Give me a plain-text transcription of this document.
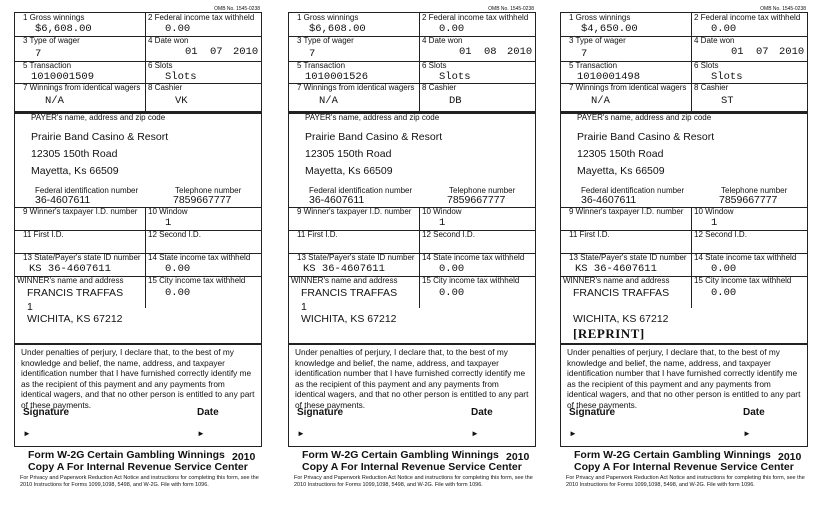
OMB No. 1545-0238
1 Gross winnings
$6,608.00
2 Federal income tax withheld
0.00
3 Type of wager
7
4 Date won
01 07 2010
5 Transaction
1010001509
6 Slots
Slots
7 Winnings from identical wagers
N/A
8 Cashier
VK
PAYER's name, address and zip code
Prairie Band Casino & Resort
12305 150th Road
Mayetta, Ks 66509
Federal identification number
36-4607611
Telephone number
7859667777
9 Winner's taxpayer I.D. number 10 Window
1
11 First I.D.	12 Second I.D.
13 State/Payer's state ID number
KS 36-4607611
14 State income tax withheld
0.00
WINNER's name and address	15 City income tax withheld
0.00
FRANCIS TRAFFAS
1
WICHITA, KS 67212
Under penalties of perjury, I declare that, to the best of my knowledge and belief, the name, address, and taxpayer identification number that I have furnished correctly identify me as the recipient of this payment and any payments from identical wagers, and that no other person is entitled to any part of these payments.
Signature	Date
►	►
Form W-2G Certain Gambling Winnings 2010
Copy A For Internal Revenue Service Center
For Privacy and Paperwork Reduction Act Notice and instructions for completing this form, see the 2010 Instructions for Forms 1099,1098, 5498, and W-2G. File with form 1096.
OMB No. 1545-0238
1 Gross winnings
$6,608.00
2 Federal income tax withheld
0.00
3 Type of wager
7
4 Date won
01 08 2010
5 Transaction
1010001526
6 Slots
Slots
7 Winnings from identical wagers
N/A
8 Cashier
DB
PAYER's name, address and zip code
Prairie Band Casino & Resort
12305 150th Road
Mayetta, Ks 66509
Federal identification number
36-4607611
Telephone number
7859667777
9 Winner's taxpayer I.D. number 10 Window
1
11 First I.D.	12 Second I.D.
13 State/Payer's state ID number
KS 36-4607611
14 State income tax withheld
0.00
WINNER's name and address	15 City income tax withheld
0.00
FRANCIS TRAFFAS
1
WICHITA, KS 67212
Under penalties of perjury, I declare that, to the best of my knowledge and belief, the name, address, and taxpayer identification number that I have furnished correctly identify me as the recipient of this payment and any payments from identical wagers, and that no other person is entitled to any part of these payments.
Signature	Date
►	►
Form W-2G Certain Gambling Winnings 2010
Copy A For Internal Revenue Service Center
For Privacy and Paperwork Reduction Act Notice and instructions for completing this form, see the 2010 Instructions for Forms 1099,1098, 5498, and W-2G. File with form 1096.
OMB No. 1545-0238
1 Gross winnings
$4,650.00
2 Federal income tax withheld
0.00
3 Type of wager
7
4 Date won
01 07 2010
5 Transaction
1010001498
6 Slots
Slots
7 Winnings from identical wagers
N/A
8 Cashier
ST
PAYER's name, address and zip code
Prairie Band Casino & Resort
12305 150th Road
Mayetta, Ks 66509
Federal identification number
36-4607611
Telephone number
7859667777
9 Winner's taxpayer I.D. number 10 Window
1
11 First I.D.	12 Second I.D.
13 State/Payer's state ID number
KS 36-4607611
14 State income tax withheld
0.00
WINNER's name and address	15 City income tax withheld
0.00
FRANCIS TRAFFAS
WICHITA, KS 67212
[REPRINT]
Under penalties of perjury, I declare that, to the best of my knowledge and belief, the name, address, and taxpayer identification number that I have furnished correctly identify me as the recipient of this payment and any payments from identical wagers, and that no other person is entitled to any part of these payments.
Signature	Date
►	►
Form W-2G Certain Gambling Winnings 2010
Copy A For Internal Revenue Service Center
For Privacy and Paperwork Reduction Act Notice and instructions for completing this form, see the 2010 Instructions for Forms 1099,1098, 5498, and W-2G. File with form 1096.
